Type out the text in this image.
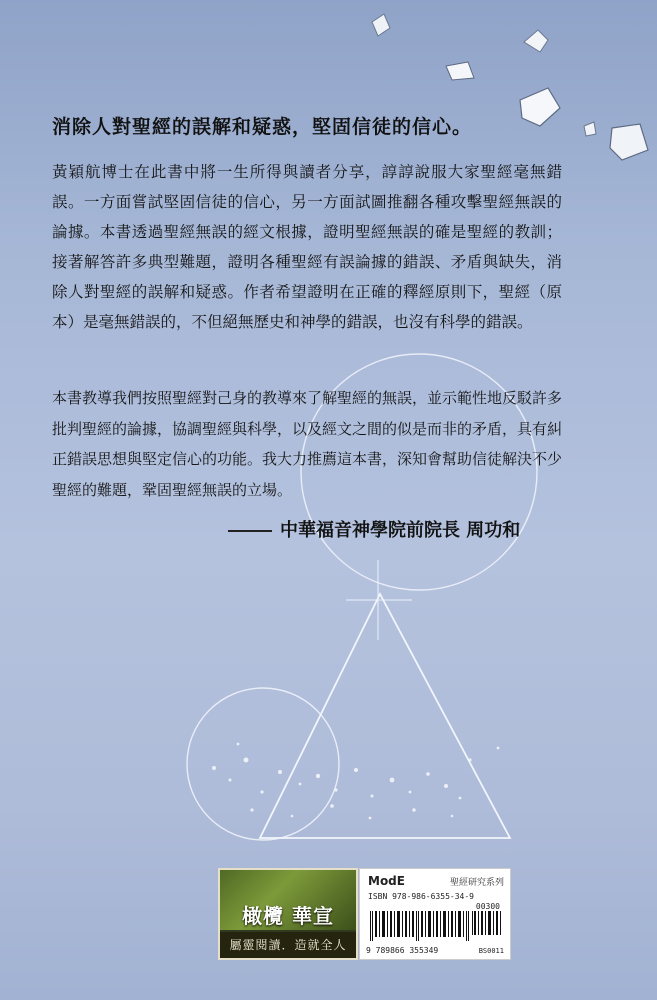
消除人對聖經的誤解和疑惑，堅固信徒的信心。
黃穎航博士在此書中將一生所得與讀者分享，諄諄說服大家聖經毫無錯誤。一方面嘗試堅固信徒的信心，另一方面試圖推翻各種攻擊聖經無誤的論據。本書透過聖經無誤的經文根據，證明聖經無誤的確是聖經的教訓；接著解答許多典型難題，證明各種聖經有誤論據的錯誤、矛盾與缺失，消除人對聖經的誤解和疑惑。作者希望證明在正確的釋經原則下，聖經（原本）是毫無錯誤的，不但絕無歷史和神學的錯誤，也沒有科學的錯誤。
本書教導我們按照聖經對己身的教導來了解聖經的無誤，並示範性地反駁許多批判聖經的論據，協調聖經與科學，以及經文之間的似是而非的矛盾，具有糾正錯誤思想與堅定信心的功能。我大力推薦這本書，深知會幫助信徒解決不少聖經的難題，鞏固聖經無誤的立場。
中華福音神學院前院長 周功和
橄欖 華宣
屬靈閱讀．造就全人
ModE	聖經研究系列
ISBN 978-986-6355-34-9
00300
9 789866 355349	BS0011
